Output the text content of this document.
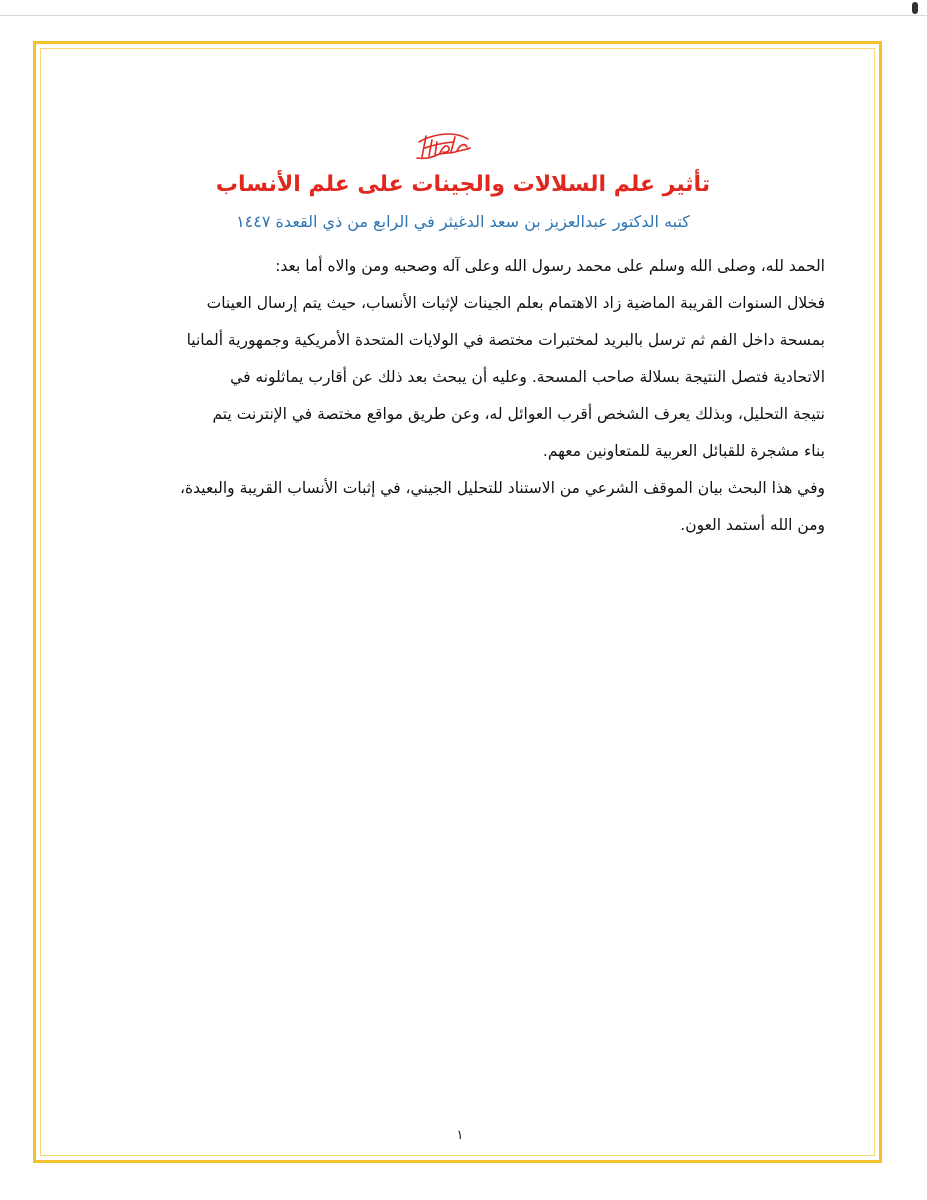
تأثير علم السلالات والجينات على علم الأنساب
كتبه الدكتور عبدالعزيز بن سعد الدغيثر في الرابع من ذي القعدة ١٤٤٧

الحمد لله، وصلى الله وسلم على محمد رسول الله وعلى آله وصحبه ومن والاه أما بعد:

فخلال السنوات القريبة الماضية زاد الاهتمام بعلم الجينات لإثبات الأنساب، حيث يتم إرسال العينات
بمسحة داخل الفم ثم ترسل بالبريد لمختبرات مختصة في الولايات المتحدة الأمريكية وجمهورية ألمانيا
الاتحادية فتصل النتيجة بسلالة صاحب المسحة. وعليه أن يبحث بعد ذلك عن أقارب يماثلونه في
نتيجة التحليل، وبذلك يعرف الشخص أقرب العوائل له، وعن طريق مواقع مختصة في الإنترنت يتم
بناء مشجرة للقبائل العربية للمتعاونين معهم.

وفي هذا البحث بيان الموقف الشرعي من الاستناد للتحليل الجيني، في إثبات الأنساب القريبة والبعيدة،
ومن الله أستمد العون.

١
